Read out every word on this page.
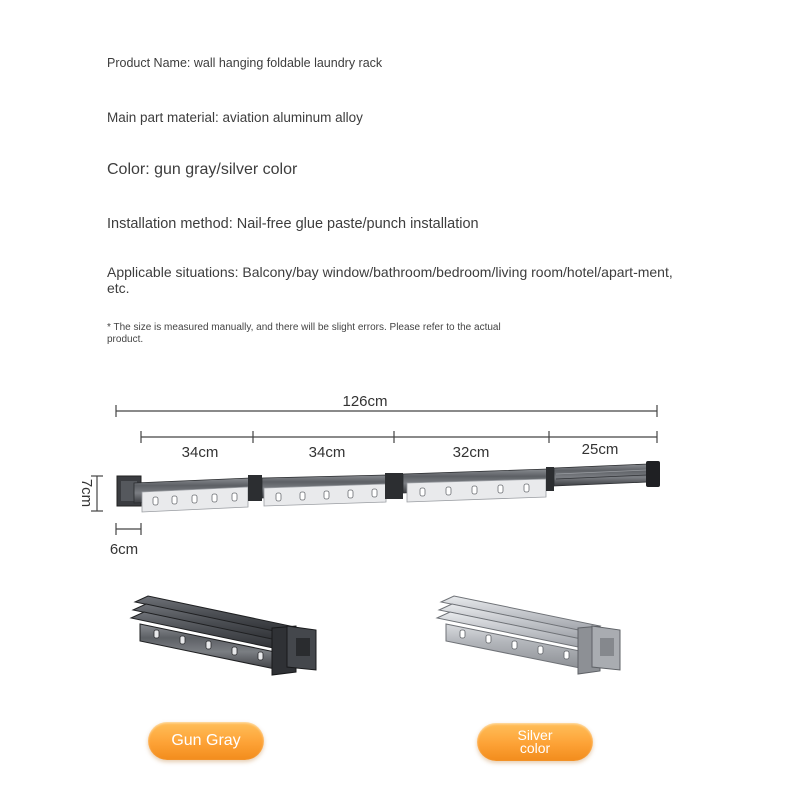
Product Name: wall hanging foldable laundry rack

Main part material: aviation aluminum alloy

Color: gun gray/silver color

Installation method: Nail-free glue paste/punch installation

Applicable situations: Balcony/bay window/bathroom/bedroom/living room/hotel/apart-ment, etc.

* The size is measured manually, and there will be slight errors. Please refer to the actual product.

126cm
34cm	34cm	32cm	25cm
7cm
6cm
Gun Gray	Silver
color
